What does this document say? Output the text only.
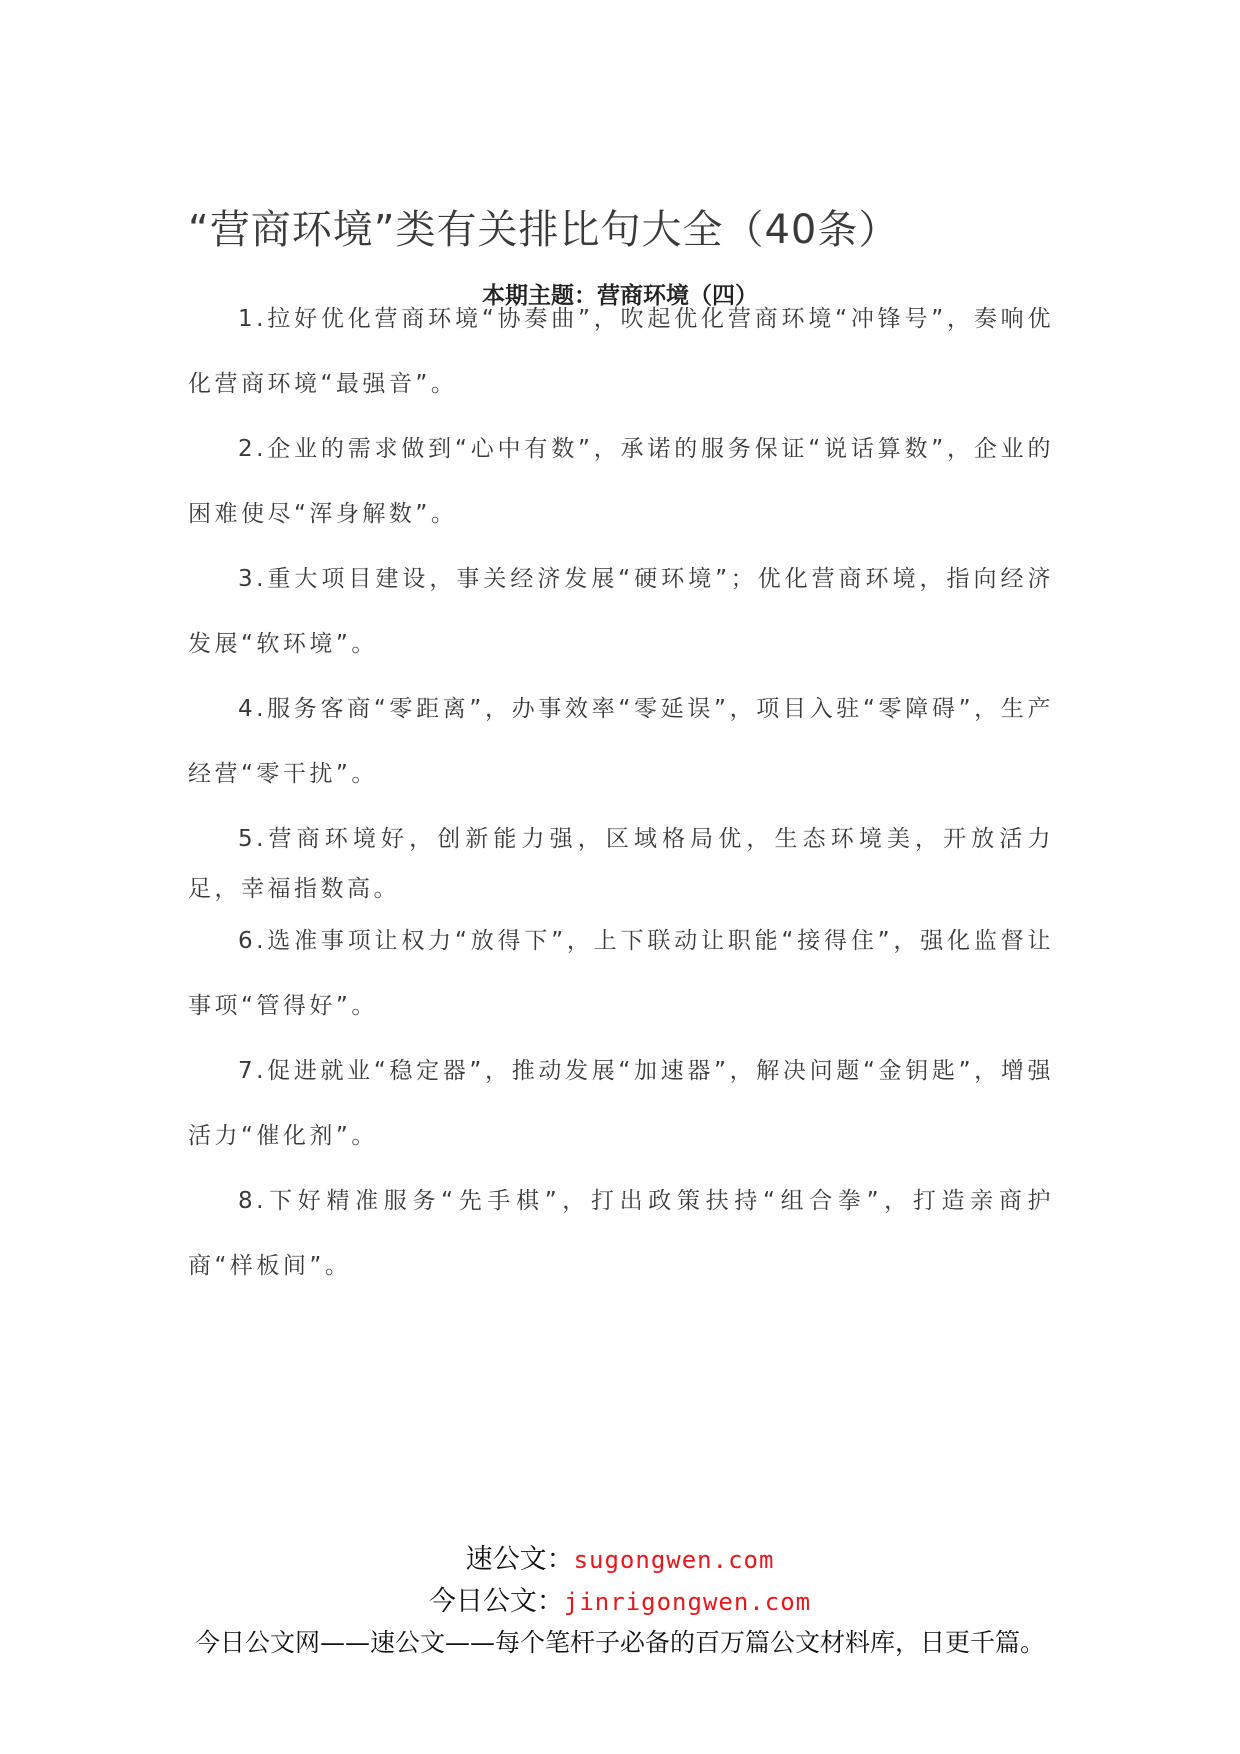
“营商环境”类有关排比句大全（40条）
本期主题：营商环境（四）

1.拉好优化营商环境“协奏曲”，吹起优化营商环境“冲锋号”，奏响优化营商环境“最强音”。

2.企业的需求做到“心中有数”，承诺的服务保证“说话算数”，企业的困难使尽“浑身解数”。

3.重大项目建设，事关经济发展“硬环境”；优化营商环境，指向经济发展“软环境”。

4.服务客商“零距离”，办事效率“零延误”，项目入驻“零障碍”，生产经营“零干扰”。

5.营商环境好，创新能力强，区域格局优，生态环境美，开放活力足，幸福指数高。

6.选准事项让权力“放得下”，上下联动让职能“接得住”，强化监督让事项“管得好”。

7.促进就业“稳定器”，推动发展“加速器”，解决问题“金钥匙”，增强活力“催化剂”。

8.下好精准服务“先手棋”，打出政策扶持“组合拳”，打造亲商护商“样板间”。

速公文：sugongwen.com
今日公文：jinrigongwen.com
今日公文网——速公文——每个笔杆子必备的百万篇公文材料库，日更千篇。
